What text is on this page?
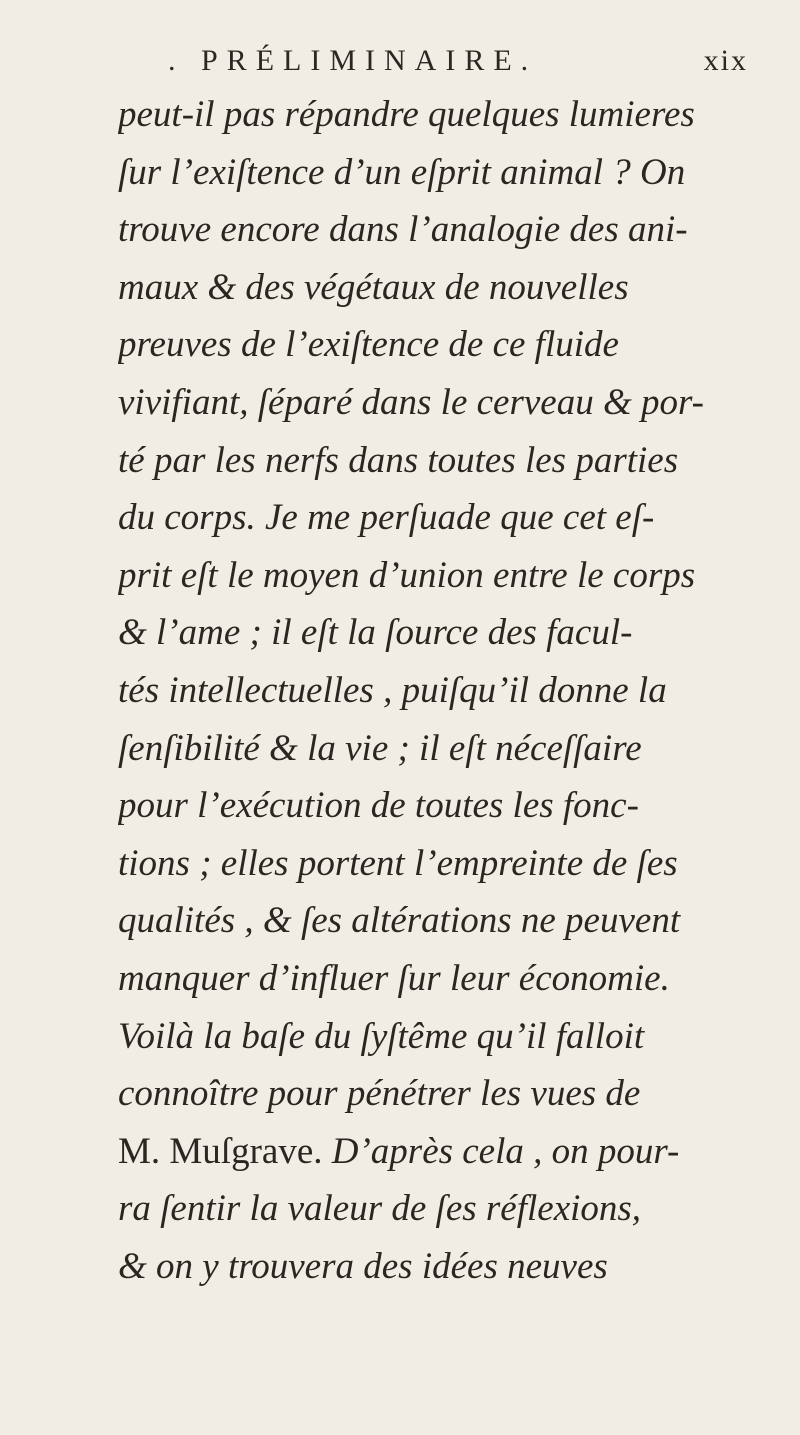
. PRÉLIMINAIRE.	xix
peut-il pas répandre quelques lumieres
ſur l’exiſtence d’un eſprit animal ? On
trouve encore dans l’analogie des ani-
maux & des végétaux de nouvelles
preuves de l’exiſtence de ce fluide
vivifiant, ſéparé dans le cerveau & por-
té par les nerfs dans toutes les parties
du corps. Je me perſuade que cet eſ-
prit eſt le moyen d’union entre le corps
& l’ame ; il eſt la ſource des facul-
tés intellectuelles , puiſqu’il donne la
ſenſibilité & la vie ; il eſt néceſſaire
pour l’exécution de toutes les fonc-
tions ; elles portent l’empreinte de ſes
qualités , & ſes altérations ne peuvent
manquer d’influer ſur leur économie.
Voilà la baſe du ſyſtême qu’il falloit
connoître pour pénétrer les vues de
M. Muſgrave. D’après cela , on pour-
ra ſentir la valeur de ſes réflexions,
& on y trouvera des idées neuves
